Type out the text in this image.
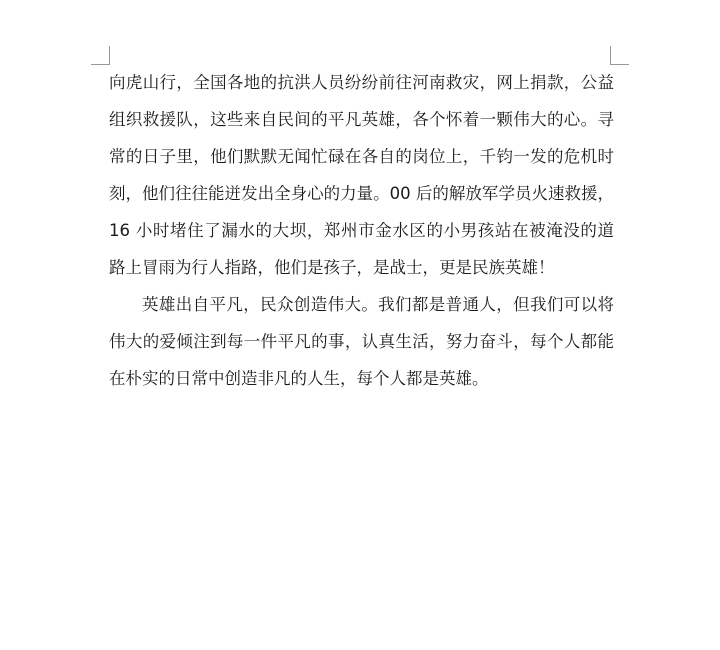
向虎山行，全国各地的抗洪人员纷纷前往河南救灾，网上捐款，公益
组织救援队，这些来自民间的平凡英雄，各个怀着一颗伟大的心。寻
常的日子里，他们默默无闻忙碌在各自的岗位上，千钧一发的危机时
刻，他们往往能迸发出全身心的力量。00 后的解放军学员火速救援，
16 小时堵住了漏水的大坝，郑州市金水区的小男孩站在被淹没的道
路上冒雨为行人指路，他们是孩子，是战士，更是民族英雄！
英雄出自平凡，民众创造伟大。我们都是普通人，但我们可以将
伟大的爱倾注到每一件平凡的事，认真生活，努力奋斗，每个人都能
在朴实的日常中创造非凡的人生，每个人都是英雄。
